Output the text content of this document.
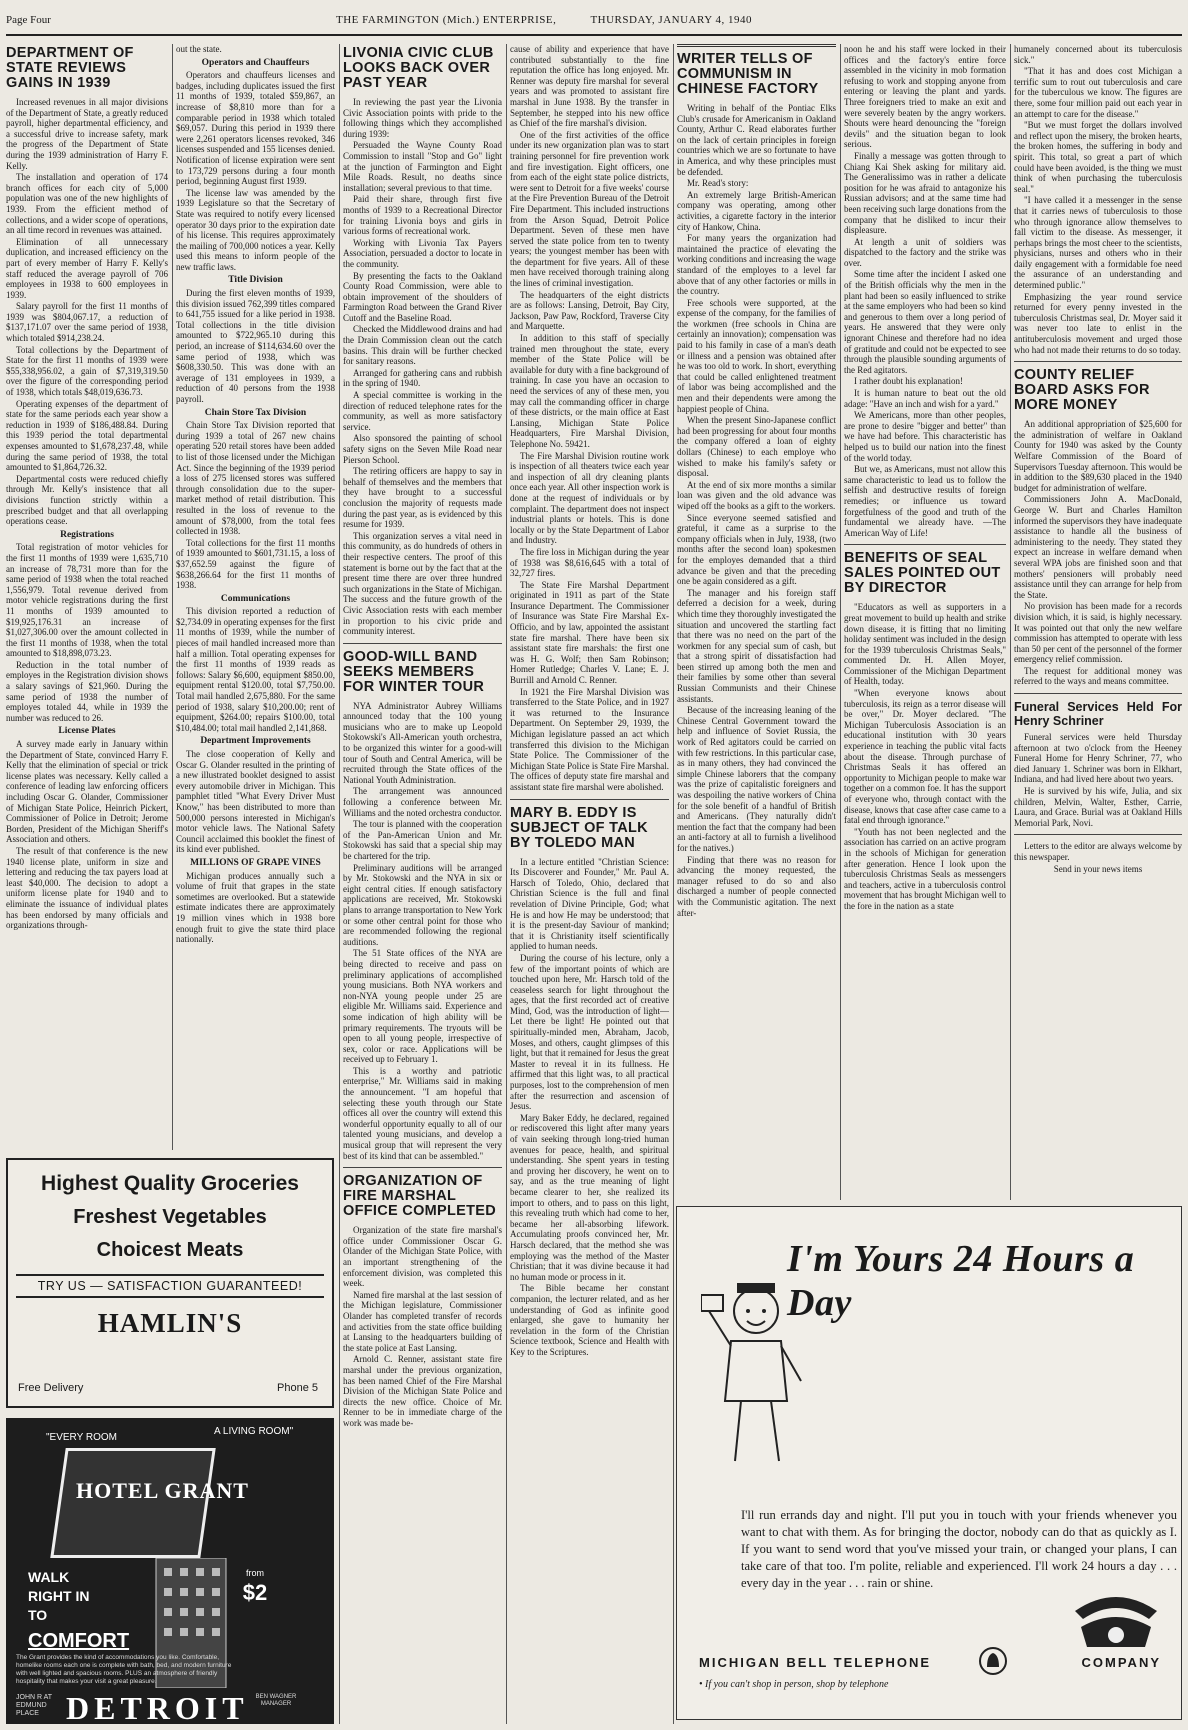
Page Four	THE FARMINGTON (Mich.) ENTERPRISE,	THURSDAY, JANUARY 4, 1940
DEPARTMENT OF STATE REVIEWS GAINS IN 1939

Increased revenues in all major divisions of the Department of State, a greatly reduced payroll, higher departmental efficiency, and a successful drive to increase safety, mark the progress of the Department of State during the 1939 administration of Harry F. Kelly.

The installation and operation of 174 branch offices for each city of 5,000 population was one of the new highlights of 1939. From the efficient method of collections, and a wider scope of operations, an all time record in revenues was attained.

Elimination of all unnecessary duplication, and increased efficiency on the part of every member of Harry F. Kelly's staff reduced the average payroll of 706 employees in 1938 to 600 employees in 1939.

Salary payroll for the first 11 months of 1939 was $804,067.17, a reduction of $137,171.07 over the same period of 1938, which totaled $914,238.24.

Total collections by the Department of State for the first 11 months of 1939 were $55,338,956.02, a gain of $7,319,319.50 over the figure of the corresponding period of 1938, which totals $48,019,636.73.

Operating expenses of the department of state for the same periods each year show a reduction in 1939 of $186,488.84. During this 1939 period the total departmental expenses amounted to $1,678,237.48, while during the same period of 1938, the total amounted to $1,864,726.32.

Departmental costs were reduced chiefly through Mr. Kelly's insistence that all divisions function strictly within a prescribed budget and that all overlapping operations cease.

Registrations

Total registration of motor vehicles for the first 11 months of 1939 were 1,635,710 an increase of 78,731 more than for the same period of 1938 when the total reached 1,556,979. Total revenue derived from motor vehicle registrations during the first 11 months of 1939 amounted to $19,925,176.31 an increase of $1,027,306.00 over the amount collected in the first 11 months of 1938, when the total amounted to $18,898,073.23.

Reduction in the total number of employes in the Registration division shows a salary savings of $21,960. During the same period of 1938 the number of employes totaled 44, while in 1939 the number was reduced to 26.

License Plates

A survey made early in January within the Department of State, convinced Harry F. Kelly that the elimination of special or trick license plates was necessary. Kelly called a conference of leading law enforcing officers including Oscar G. Olander, Commissioner of Michigan State Police, Heinrich Pickert, Commissioner of Police in Detroit; Jerome Borden, President of the Michigan Sheriff's Association and others.

The result of that conference is the new 1940 license plate, uniform in size and lettering and reducing the tax payers load at least $40,000. The decision to adopt a uniform license plate for 1940 and to eliminate the issuance of individual plates has been endorsed by many officials and organizations through-

out the state.

Operators and Chauffeurs

Operators and chauffeurs licenses and badges, including duplicates issued the first 11 months of 1939, totaled $59,867, an increase of $8,810 more than for a comparable period in 1938 which totaled $69,057. During this period in 1939 there were 2,261 operators licenses revoked, 346 licenses suspended and 155 licenses denied. Notification of license expiration were sent to 173,729 persons during a four month period, beginning August first 1939.

The license law was amended by the 1939 Legislature so that the Secretary of State was required to notify every licensed operator 30 days prior to the expiration date of his license. This requires approximately the mailing of 700,000 notices a year. Kelly used this means to inform people of the new traffic laws.

Title Division

During the first eleven months of 1939, this division issued 762,399 titles compared to 641,755 issued for a like period in 1938. Total collections in the title division amounted to $722,965.10 during this period, an increase of $114,634.60 over the same period of 1938, which was $608,330.50. This was done with an average of 131 employees in 1939, a reduction of 40 persons from the 1938 payroll.

Chain Store Tax Division

Chain Store Tax Division reported that during 1939 a total of 267 new chains operating 520 retail stores have been added to list of those licensed under the Michigan Act. Since the beginning of the 1939 period a loss of 275 licensed stores was suffered through consolidation due to the super-market method of retail distribution. This resulted in the loss of revenue to the amount of $78,000, from the total fees collected in 1938.

Total collections for the first 11 months of 1939 amounted to $601,731.15, a loss of $37,652.59 against the figure of $638,266.64 for the first 11 months of 1938.

Communications

This division reported a reduction of $2,734.09 in operating expenses for the first 11 months of 1939, while the number of pieces of mail handled increased more than half a million. Total operating expenses for the first 11 months of 1939 reads as follows: Salary $6,600, equipment $850.00, equipment rental $120.00, total $7,750.00. Total mail handled 2,675,880. For the same period of 1938, salary $10,200.00; rent of equipment, $264.00; repairs $100.00, total $10,484.00; total mail handled 2,141,868.

Department Improvements

The close cooperation of Kelly and Oscar G. Olander resulted in the printing of a new illustrated booklet designed to assist every automobile driver in Michigan. This pamphlet titled "What Every Driver Must Know," has been distributed to more than 500,000 persons interested in Michigan's motor vehicle laws. The National Safety Council acclaimed this booklet the finest of its kind ever published.

MILLIONS OF GRAPE VINES

Michigan produces annually such a volume of fruit that grapes in the state sometimes are overlooked. But a statewide estimate indicates there are approximately 19 million vines which in 1938 bore enough fruit to give the state third place nationally.

LIVONIA CIVIC CLUB LOOKS BACK OVER PAST YEAR

In reviewing the past year the Livonia Civic Association points with pride to the following things which they accomplished during 1939:

Persuaded the Wayne County Road Commission to install "Stop and Go" light at the junction of Farmington and Eight Mile Roads. Result, no deaths since installation; several previous to that time.

Paid their share, through first five months of 1939 to a Recreational Director for training Livonia boys and girls in various forms of recreational work.

Working with Livonia Tax Payers Association, persuaded a doctor to locate in the community.

By presenting the facts to the Oakland County Road Commission, were able to obtain improvement of the shoulders of Farmington Road between the Grand River Cutoff and the Baseline Road.

Checked the Middlewood drains and had the Drain Commission clean out the catch basins. This drain will be further checked for sanitary reasons.

Arranged for gathering cans and rubbish in the spring of 1940.

A special committee is working in the direction of reduced telephone rates for the community, as well as more satisfactory service.

Also sponsored the painting of school safety signs on the Seven Mile Road near Pierson School.

The retiring officers are happy to say in behalf of themselves and the members that they have brought to a successful conclusion the majority of requests made during the past year, as is evidenced by this resume for 1939.

This organization serves a vital need in this community, as do hundreds of others in their respective centers. The proof of this statement is borne out by the fact that at the present time there are over three hundred such organizations in the State of Michigan. The success and the future growth of the Civic Association rests with each member in proportion to his civic pride and community interest.

GOOD-WILL BAND SEEKS MEMBERS FOR WINTER TOUR

NYA Administrator Aubrey Williams announced today that the 100 young musicians who are to make up Leopold Stokowski's All-American youth orchestra, to be organized this winter for a good-will tour of South and Central America, will be recruited through the State offices of the National Youth Administration.

The arrangement was announced following a conference between Mr. Williams and the noted orchestra conductor.

The tour is planned with the cooperation of the Pan-American Union and Mr. Stokowski has said that a special ship may be chartered for the trip.

Preliminary auditions will be arranged by Mr. Stokowski and the NYA in six or eight central cities. If enough satisfactory applications are received, Mr. Stokowski plans to arrange transportation to New York or some other central point for those who are recommended following the regional auditions.

The 51 State offices of the NYA are being directed to receive and pass on preliminary applications of accomplished young musicians. Both NYA workers and non-NYA young people under 25 are eligible Mr. Williams said. Experience and some indication of high ability will be primary requirements. The tryouts will be open to all young people, irrespective of sex, color or race. Applications will be received up to February 1.

This is a worthy and patriotic enterprise," Mr. Williams said in making the announcement. "I am hopeful that selecting these youth through our State offices all over the country will extend this wonderful opportunity equally to all of our talented young musicians, and develop a musical group that will represent the very best of its kind that can be assembled."

ORGANIZATION OF FIRE MARSHAL OFFICE COMPLETED

Organization of the state fire marshal's office under Commissioner Oscar G. Olander of the Michigan State Police, with an important strengthening of the enforcement division, was completed this week.

Named fire marshal at the last session of the Michigan legislature, Commissioner Olander has completed transfer of records and activities from the state office building at Lansing to the headquarters building of the state police at East Lansing.

Arnold C. Renner, assistant state fire marshal under the previous organization, has been named Chief of the Fire Marshal Division of the Michigan State Police and directs the new office. Choice of Mr. Renner to be in immediate charge of the work was made be-

cause of ability and experience that have contributed substantially to the fine reputation the office has long enjoyed. Mr. Renner was deputy fire marshal for several years and was promoted to assistant fire marshal in June 1938. By the transfer in September, he stepped into his new office as Chief of the fire marshal's division.

One of the first activities of the office under its new organization plan was to start training personnel for fire prevention work and fire investigation. Eight officers, one from each of the eight state police districts, were sent to Detroit for a five weeks' course at the Fire Prevention Bureau of the Detroit Fire Department. This included instructions from the Arson Squad, Detroit Police Department. Seven of these men have served the state police from ten to twenty years; the youngest member has been with the department for five years. All of these men have received thorough training along the lines of criminal investigation.

The headquarters of the eight districts are as follows: Lansing, Detroit, Bay City, Jackson, Paw Paw, Rockford, Traverse City and Marquette.

In addition to this staff of specially trained men throughout the state, every member of the State Police will be available for duty with a fine background of training. In case you have an occasion to need the services of any of these men, you may call the commanding officer in charge of these districts, or the main office at East Lansing, Michigan State Police Headquarters, Fire Marshal Division, Telephone No. 59421.

The Fire Marshal Division routine work is inspection of all theaters twice each year and inspection of all dry cleaning plants once each year. All other inspection work is done at the request of individuals or by complaint. The department does not inspect industrial plants or hotels. This is done locally or by the State Department of Labor and Industry.

The fire loss in Michigan during the year of 1938 was $8,616,645 with a total of 32,727 fires.

The State Fire Marshal Department originated in 1911 as part of the State Insurance Department. The Commissioner of Insurance was State Fire Marshal Ex-Officio, and by law, appointed the assistant state fire marshal. There have been six assistant state fire marshals: the first one was H. G. Wolf; then Sam Robinson; Homer Rutledge; Charles V. Lane; E. J. Burrill and Arnold C. Renner.

In 1921 the Fire Marshal Division was transferred to the State Police, and in 1927 it was returned to the Insurance Department. On September 29, 1939, the Michigan legislature passed an act which transferred this division to the Michigan State Police. The Commissioner of the Michigan State Police is State Fire Marshal. The offices of deputy state fire marshal and assistant state fire marshal were abolished.

MARY B. EDDY IS SUBJECT OF TALK BY TOLEDO MAN

In a lecture entitled "Christian Science: Its Discoverer and Founder," Mr. Paul A. Harsch of Toledo, Ohio, declared that Christian Science is the full and final revelation of Divine Principle, God; what He is and how He may be understood; that it is the present-day Saviour of mankind; that it is Christianity itself scientifically applied to human needs.

During the course of his lecture, only a few of the important points of which are touched upon here, Mr. Harsch told of the ceaseless search for light throughout the ages, that the first recorded act of creative Mind, God, was the introduction of light—Let there be light! He pointed out that spiritually-minded men, Abraham, Jacob, Moses, and others, caught glimpses of this light, but that it remained for Jesus the great Master to reveal it in its fullness. He affirmed that this light was, to all practical purposes, lost to the comprehension of men after the resurrection and ascension of Jesus.

Mary Baker Eddy, he declared, regained or rediscovered this light after many years of vain seeking through long-tried human avenues for peace, health, and spiritual understanding. She spent years in testing and proving her discovery, he went on to say, and as the true meaning of light became clearer to her, she realized its import to others, and to pass on this light, this revealing truth which had come to her, became her all-absorbing lifework. Accumulating proofs convinced her, Mr. Harsch declared, that the method she was employing was the method of the Master Christian; that it was divine because it had no human mode or process in it.

The Bible became her constant companion, the lecturer related, and as her understanding of God as infinite good enlarged, she gave to humanity her revelation in the form of the Christian Science textbook, Science and Health with Key to the Scriptures.

WRITER TELLS OF COMMUNISM IN CHINESE FACTORY

Writing in behalf of the Pontiac Elks Club's crusade for Americanism in Oakland County, Arthur C. Read elaborates further on the lack of certain principles in foreign countries which we are so fortunate to have in America, and why these principles must be defended.

Mr. Read's story:

An extremely large British-American company was operating, among other activities, a cigarette factory in the interior city of Hankow, China.

For many years the organization had maintained the practice of elevating the working conditions and increasing the wage standard of the employes to a level far above that of any other factories or mills in the country.

Free schools were supported, at the expense of the company, for the families of the workmen (free schools in China are certainly an innovation); compensation was paid to his family in case of a man's death or illness and a pension was obtained after he was too old to work. In short, everything that could be called enlightened treatment of labor was being accomplished and the men and their dependents were among the happiest people of China.

When the present Sino-Japanese conflict had been progressing for about four months the company offered a loan of eighty dollars (Chinese) to each employe who wished to make his family's safety or disposal.

At the end of six more months a similar loan was given and the old advance was wiped off the books as a gift to the workers.

Since everyone seemed satisfied and grateful, it came as a surprise to the company officials when in July, 1938, (two months after the second loan) spokesmen for the employes demanded that a third advance be given and that the preceding one be again considered as a gift.

The manager and his foreign staff deferred a decision for a week, during which time they thoroughly investigated the situation and uncovered the startling fact that there was no need on the part of the workmen for any special sum of cash, but that a strong spirit of dissatisfaction had been stirred up among both the men and their families by some other than several Russian Communists and their Chinese assistants.

Because of the increasing leaning of the Chinese Central Government toward the help and influence of Soviet Russia, the work of Red agitators could be carried on with few restrictions. In this particular case, as in many others, they had convinced the simple Chinese laborers that the company was the prize of capitalistic foreigners and was despoiling the native workers of China for the sole benefit of a handful of British and Americans. (They naturally didn't mention the fact that the company had been an anti-factory at all to furnish a livelihood for the natives.)

Finding that there was no reason for advancing the money requested, the manager refused to do so and also discharged a number of people connected with the Communistic agitation. The next after-

noon he and his staff were locked in their offices and the factory's entire force assembled in the vicinity in mob formation refusing to work and stopping anyone from entering or leaving the plant and yards. Three foreigners tried to make an exit and were severely beaten by the angry workers. Shouts were heard denouncing the "foreign devils" and the situation began to look serious.

Finally a message was gotten through to Chiang Kai Shek asking for military aid. The Generalissimo was in rather a delicate position for he was afraid to antagonize his Russian advisors; and at the same time had been receiving such large donations from the company that he disliked to incur their displeasure.

At length a unit of soldiers was dispatched to the factory and the strike was over.

Some time after the incident I asked one of the British officials why the men in the plant had been so easily influenced to strike at the same employers who had been so kind and generous to them over a long period of years. He answered that they were only ignorant Chinese and therefore had no idea of gratitude and could not be expected to see through the plausible sounding arguments of the Red agitators.

I rather doubt his explanation!

It is human nature to beat out the old adage: "Have an inch and wish for a yard."

We Americans, more than other peoples, are prone to desire "bigger and better" than we have had before. This characteristic has helped us to build our nation into the finest of the world today.

But we, as Americans, must not allow this same characteristic to lead us to follow the selfish and destructive results of foreign remedies; or influence us toward forgetfulness of the good and truth of the fundamental we already have. —The American Way of Life!

BENEFITS OF SEAL SALES POINTED OUT BY DIRECTOR

"Educators as well as supporters in a great movement to build up health and strike down disease, it is fitting that no limiting holiday sentiment was included in the design for the 1939 tuberculosis Christmas Seals," commented Dr. H. Allen Moyer, Commissioner of the Michigan Department of Health, today.

"When everyone knows about tuberculosis, its reign as a terror disease will be over," Dr. Moyer declared. "The Michigan Tuberculosis Association is an educational institution with 30 years experience in teaching the public vital facts about the disease. Through purchase of Christmas Seals it has offered an opportunity to Michigan people to make war together on a common foe. It has the support of everyone who, through contact with the disease, knows that case after case came to a fatal end through ignorance."

"Youth has not been neglected and the association has carried on an active program in the schools of Michigan for generation after generation. Hence I look upon the tuberculosis Christmas Seals as messengers and teachers, active in a tuberculosis control movement that has brought Michigan well to the fore in the nation as a state

humanely concerned about its tuberculosis sick."

"That it has and does cost Michigan a terrific sum to rout out tuberculosis and care for the tuberculous we know. The figures are there, some four million paid out each year in an attempt to care for the disease."

"But we must forget the dollars involved and reflect upon the misery, the broken hearts, the broken homes, the suffering in body and spirit. This total, so great a part of which could have been avoided, is the thing we must think of when purchasing the tuberculosis seal."

"I have called it a messenger in the sense that it carries news of tuberculosis to those who through ignorance allow themselves to fall victim to the disease. As messenger, it perhaps brings the most cheer to the scientists, physicians, nurses and others who in their daily engagement with a formidable foe need the assurance of an understanding and determined public."

Emphasizing the year round service returned for every penny invested in the tuberculosis Christmas seal, Dr. Moyer said it was never too late to enlist in the antituberculosis movement and urged those who had not made their returns to do so today.

COUNTY RELIEF BOARD ASKS FOR MORE MONEY

An additional appropriation of $25,600 for the administration of welfare in Oakland County for 1940 was asked by the County Welfare Commission of the Board of Supervisors Tuesday afternoon. This would be in addition to the $89,630 placed in the 1940 budget for administration of welfare.

Commissioners John A. MacDonald, George W. Burt and Charles Hamilton informed the supervisors they have inadequate assistance to handle all the business of administering to the needy. They stated they expect an increase in welfare demand when several WPA jobs are finished soon and that mothers' pensioners will probably need assistance until they can arrange for help from the State.

No provision has been made for a records division which, it is said, is highly necessary. It was pointed out that only the new welfare commission has attempted to operate with less than 50 per cent of the personnel of the former emergency relief commission.

The request for additional money was referred to the ways and means committee.

Funeral Services Held For Henry Schriner

Funeral services were held Thursday afternoon at two o'clock from the Heeney Funeral Home for Henry Schriner, 77, who died January 1. Schriner was born in Elkhart, Indiana, and had lived here about two years.

He is survived by his wife, Julia, and six children, Melvin, Walter, Esther, Carrie, Laura, and Grace. Burial was at Oakland Hills Memorial Park, Novi.

Letters to the editor are always welcome by this newspaper.

Send in your news items

Highest Quality Groceries
Freshest Vegetables
Choicest Meats
TRY US — SATISFACTION GUARANTEED!
HAMLIN'S
Free Delivery	Phone 5
"EVERY ROOM
A LIVING ROOM"
HOTEL GRANT
WALK RIGHT IN TO
COMFORT
The Grant provides the kind of accommodations you like. Comfortable, homelike rooms each one is complete with bath, bed, and modern furniture with well lighted and spacious rooms. PLUS an atmosphere of friendly hospitality that makes your visit a great pleasure.
from
$2
JOHN R AT EDMUND PLACE DETROIT	BEN WAGNER MANAGER
I'm Yours 24 Hours a Day
I'll run errands day and night. I'll put you in touch with your friends whenever you want to chat with them. As for bringing the doctor, nobody can do that as quickly as I. If you want to send word that you've missed your train, or changed your plans, I can take care of that too. I'm polite, reliable and experienced. I'll work 24 hours a day . . . every day in the year . . . rain or shine.
MICHIGAN BELL TELEPHONE	COMPANY
• If you can't shop in person, shop by telephone
